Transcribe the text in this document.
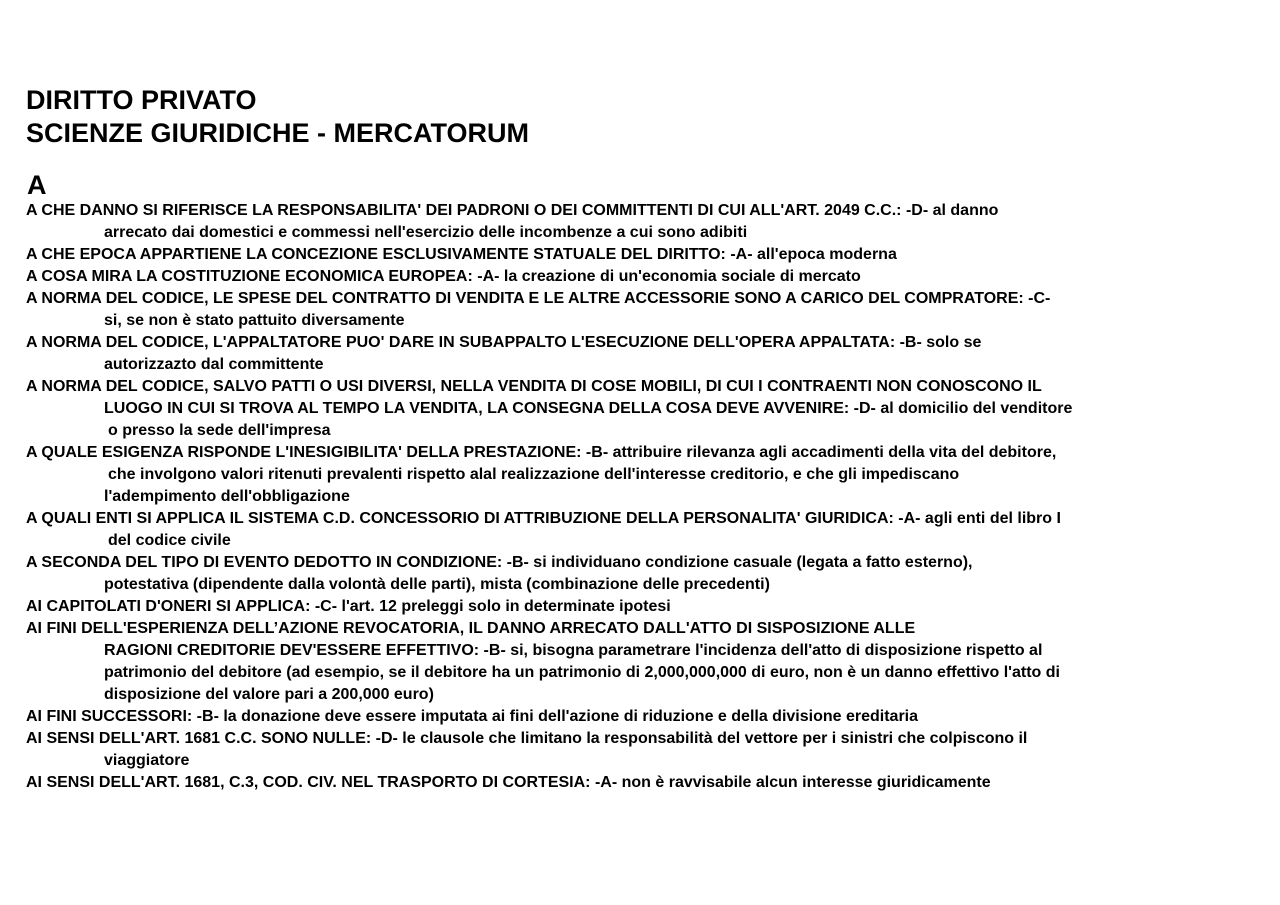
DIRITTO PRIVATO
SCIENZE GIURIDICHE - MERCATORUM
A
A CHE DANNO SI RIFERISCE LA RESPONSABILITA' DEI PADRONI O DEI COMMITTENTI DI CUI ALL'ART. 2049 C.C.: -D- al danno
arrecato dai domestici e commessi nell'esercizio delle incombenze a cui sono adibiti
A CHE EPOCA APPARTIENE LA CONCEZIONE ESCLUSIVAMENTE STATUALE DEL DIRITTO: -A- all'epoca moderna
A COSA MIRA LA COSTITUZIONE ECONOMICA EUROPEA: -A- la creazione di un'economia sociale di mercato
A NORMA DEL CODICE, LE SPESE DEL CONTRATTO DI VENDITA E LE ALTRE ACCESSORIE SONO A CARICO DEL COMPRATORE: -C-
si, se non è stato pattuito diversamente
A NORMA DEL CODICE, L'APPALTATORE PUO' DARE IN SUBAPPALTO L'ESECUZIONE DELL'OPERA APPALTATA: -B- solo se
autorizzazto dal committente
A NORMA DEL CODICE, SALVO PATTI O USI DIVERSI, NELLA VENDITA DI COSE MOBILI, DI CUI I CONTRAENTI NON CONOSCONO IL
LUOGO IN CUI SI TROVA AL TEMPO LA VENDITA, LA CONSEGNA DELLA COSA DEVE AVVENIRE: -D- al domicilio del venditore
o presso la sede dell'impresa
A QUALE ESIGENZA RISPONDE L'INESIGIBILITA' DELLA PRESTAZIONE: -B- attribuire rilevanza agli accadimenti della vita del debitore,
che involgono valori ritenuti prevalenti rispetto alal realizzazione dell'interesse creditorio, e che gli impediscano
l'adempimento dell'obbligazione
A QUALI ENTI SI APPLICA IL SISTEMA C.D. CONCESSORIO DI ATTRIBUZIONE DELLA PERSONALITA' GIURIDICA: -A- agli enti del libro I
del codice civile
A SECONDA DEL TIPO DI EVENTO DEDOTTO IN CONDIZIONE: -B- si individuano condizione casuale (legata a fatto esterno),
potestativa (dipendente dalla volontà delle parti), mista (combinazione delle precedenti)
AI CAPITOLATI D'ONERI SI APPLICA: -C- l'art. 12 preleggi solo in determinate ipotesi
AI FINI DELL'ESPERIENZA DELL’AZIONE REVOCATORIA, IL DANNO ARRECATO DALL'ATTO DI SISPOSIZIONE ALLE
RAGIONI CREDITORIE DEV'ESSERE EFFETTIVO: -B- si, bisogna parametrare l'incidenza dell'atto di disposizione rispetto al
patrimonio del debitore (ad esempio, se il debitore ha un patrimonio di 2,000,000,000 di euro, non è un danno effettivo l'atto di
disposizione del valore pari a 200,000 euro)
AI FINI SUCCESSORI: -B- la donazione deve essere imputata ai fini dell'azione di riduzione e della divisione ereditaria
AI SENSI DELL'ART. 1681 C.C. SONO NULLE: -D- le clausole che limitano la responsabilità del vettore per i sinistri che colpiscono il
viaggiatore
AI SENSI DELL'ART. 1681, C.3, COD. CIV. NEL TRASPORTO DI CORTESIA: -A- non è ravvisabile alcun interesse giuridicamente
